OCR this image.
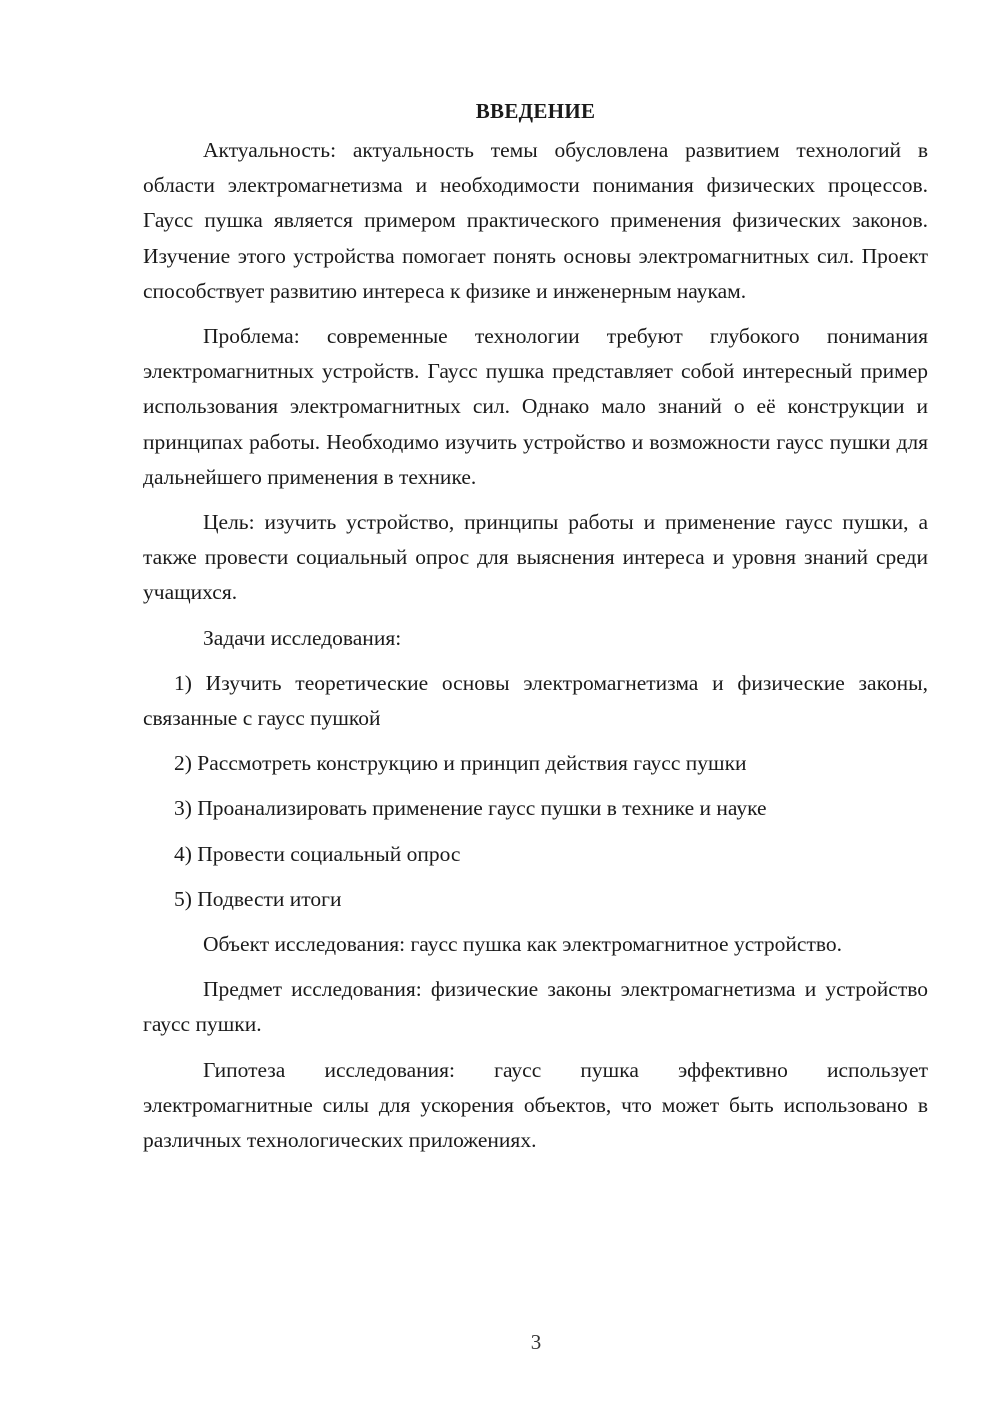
ВВЕДЕНИЕ

Актуальность: актуальность темы обусловлена развитием технологий в области электромагнетизма и необходимости понимания физических процессов. Гаусс пушка является примером практического применения физических законов. Изучение этого устройства помогает понять основы электромагнитных сил. Проект способствует развитию интереса к физике и инженерным наукам.

Проблема: современные технологии требуют глубокого понимания электромагнитных устройств. Гаусс пушка представляет собой интересный пример использования электромагнитных сил. Однако мало знаний о её конструкции и принципах работы. Необходимо изучить устройство и возможности гаусс пушки для дальнейшего применения в технике.

Цель: изучить устройство, принципы работы и применение гаусс пушки, а также провести социальный опрос для выяснения интереса и уровня знаний среди учащихся.

Задачи исследования:

1) Изучить теоретические основы электромагнетизма и физические законы, связанные с гаусс пушкой

2) Рассмотреть конструкцию и принцип действия гаусс пушки

3) Проанализировать применение гаусс пушки в технике и науке

4) Провести социальный опрос

5) Подвести итоги

Объект исследования: гаусс пушка как электромагнитное устройство.

Предмет исследования: физические законы электромагнетизма и устройство гаусс пушки.

Гипотеза исследования: гаусс пушка эффективно использует электромагнитные силы для ускорения объектов, что может быть использовано в различных технологических приложениях.

3
